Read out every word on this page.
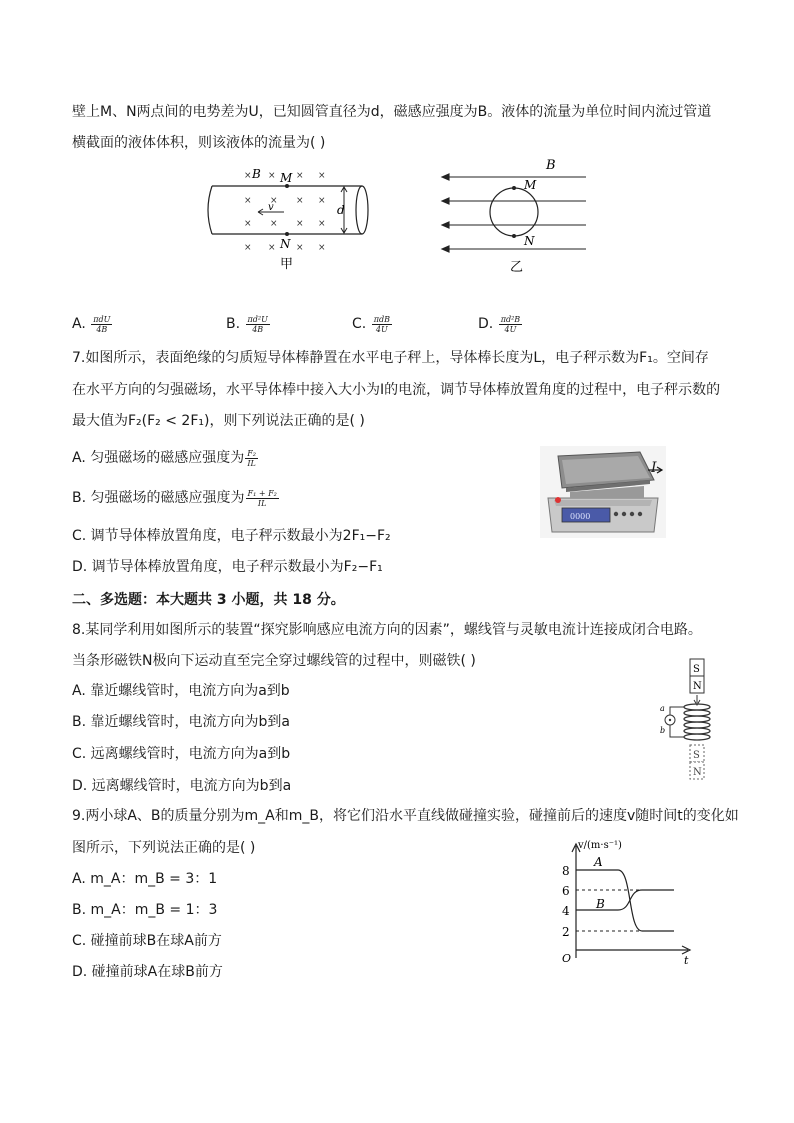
壁上M、N两点间的电势差为U，已知圆管直径为d，磁感应强度为B。液体的流量为单位时间内流过管道
横截面的液体体积，则该液体的流量为( )
× × × ×
× × × ×
× × × ×
× × × ×
B M
N
v	d
甲
B
M
N
乙
A. $\frac{\text{πdU}}{4B}$	B. $\frac{\text{πd²U}}{4B}$	C. $\frac{\text{πdB}}{4U}$	D. $\frac{\text{πd²B}}{4U}$
7.如图所示，表面绝缘的匀质短导体棒静置在水平电子秤上，导体棒长度为L，电子秤示数为F₁。空间存
在水平方向的匀强磁场，水平导体棒中接入大小为I的电流，调节导体棒放置角度的过程中，电子秤示数的
最大值为F₂(F₂ < 2F₁)，则下列说法正确的是( )
A. 匀强磁场的磁感应强度为 $\frac{\text{F₂}}{IL}$
B. 匀强磁场的磁感应强度为 $\frac{\text{F₁ + F₂}}{IL}$
C. 调节导体棒放置角度，电子秤示数最小为2F₁−F₂
D. 调节导体棒放置角度，电子秤示数最小为F₂−F₁
0000
I
二、多选题：本大题共 3 小题，共 18 分。
8.某同学利用如图所示的装置“探究影响感应电流方向的因素”，螺线管与灵敏电流计连接成闭合电路。
当条形磁铁N极向下运动直至完全穿过螺线管的过程中，则磁铁( )
A. 靠近螺线管时，电流方向为a到b
B. 靠近螺线管时，电流方向为b到a
C. 远离螺线管时，电流方向为a到b
D. 远离螺线管时，电流方向为b到a
S
N
a
b
S
N
9.两小球A、B的质量分别为m_A和m_B，将它们沿水平直线做碰撞实验，碰撞前后的速度v随时间t的变化如
图所示，下列说法正确的是( )
A. m_A：m_B = 3：1
B. m_A：m_B = 1：3
C. 碰撞前球B在球A前方
D. 碰撞前球A在球B前方
v/(m·s⁻¹)
t
O
8
6
4
2
A
B
